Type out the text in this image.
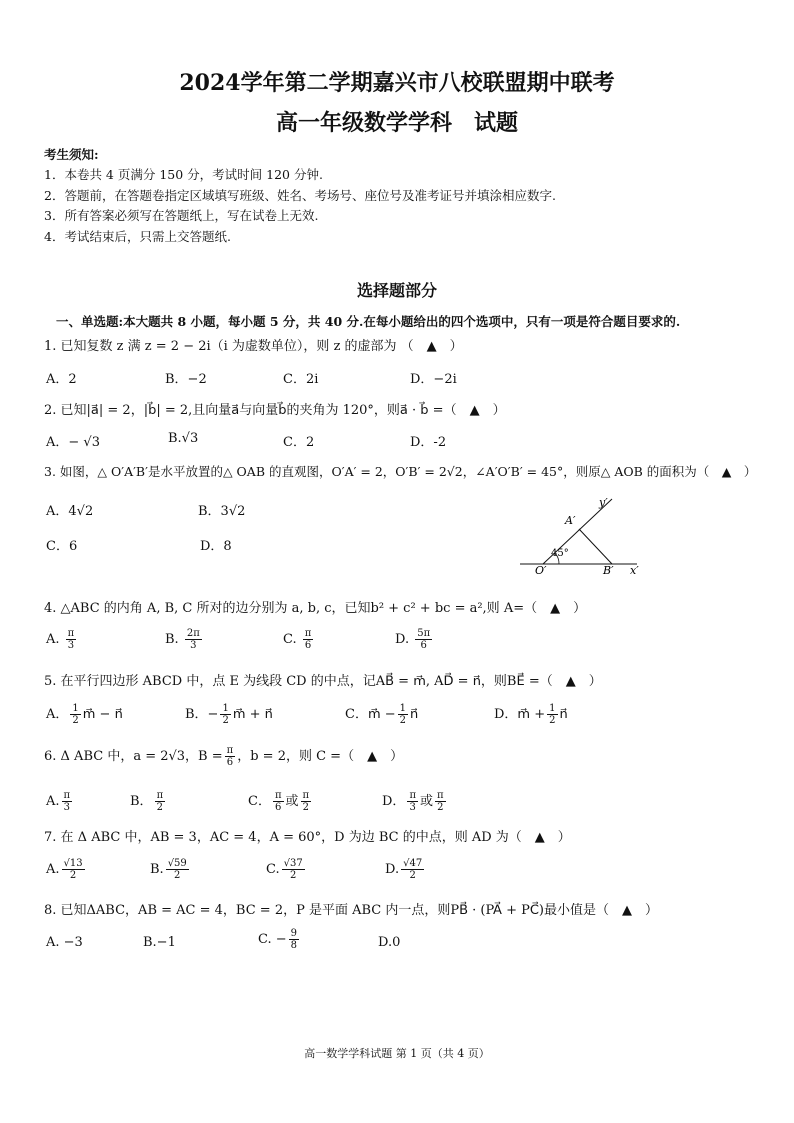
2024学年第二学期嘉兴市八校联盟期中联考
高一年级数学学科　试题
考生须知:
1．本卷共 4 页满分 150 分，考试时间 120 分钟.
2．答题前，在答题卷指定区域填写班级、姓名、考场号、座位号及准考证号并填涂相应数字.
3．所有答案必须写在答题纸上，写在试卷上无效.
4．考试结束后，只需上交答题纸.
选择题部分
一、单选题:本大题共 8 小题，每小题 5 分，共 40 分.在每小题给出的四个选项中，只有一项是符合题目要求的.
1. 已知复数 z 满 z = 2 − 2i（i 为虚数单位），则 z 的虚部为 （　▲　）
A．2	B．−2	C．2i	D．−2i
2. 已知|a⃗| = 2，|b⃗| = 2,且向量a⃗与向量b⃗的夹角为 120°，则a⃗ · b⃗ =（　▲　）
A．− √3	B.√3	C．2	D．-2
3. 如图，△ O′A′B′是水平放置的△ OAB 的直观图，O′A′ = 2，O′B′ = 2√2，∠A′O′B′ = 45°，则原△ AOB 的面积为（　▲　）
A．4√2	B．3√2
C．6	D．8
O′
A′
B′ x′
y′
45°
4. △ABC 的内角 A, B, C 所对的边分别为 a, b, c，已知b² + c² + bc = a²,则 A=（　▲　）
A. $\frac{\pi}{3}$	B. $\frac{2\pi}{3}$	C. $\frac{\pi}{6}$	D. $\frac{5\pi}{6}$
5. 在平行四边形 ABCD 中，点 E 为线段 CD 的中点，记AB⃗ = m⃗, AD⃗ = n⃗，则BE⃗ =（　▲　）
A． $\frac{1}{2}$ m⃗ − n⃗	B．− $\frac{1}{2}$ m⃗ + n⃗	C．m⃗ − $\frac{1}{2}$ n⃗	D．m⃗ + $\frac{1}{2}$ n⃗
6. Δ ABC 中，a = 2√3，$B = \frac{\pi}{6}$ ，b = 2，则 C =（　▲　）
A. $\frac{\pi}{3}$	B． $\frac{\pi}{2}$	C． $\frac{\pi}{6}$ 或 $\frac{\pi}{2}$	D． $\frac{\pi}{3}$ 或 $\frac{\pi}{2}$
7. 在 Δ ABC 中，AB = 3，AC = 4，A = 60°，D 为边 BC 的中点，则 AD 为（　▲　）
A. $\frac{√13}{2}$	B. $\frac{√59}{2}$	C. $\frac{√37}{2}$	D. $\frac{√47}{2}$
8. 已知ΔABC，AB = AC = 4，BC = 2，P 是平面 ABC 内一点，则PB⃗ · (PA⃗ + PC⃗)最小值是（　▲　）
A. −3	B.−1	C. − $\frac{9}{8}$	D.0
高一数学学科试题 第 1 页（共 4 页）
